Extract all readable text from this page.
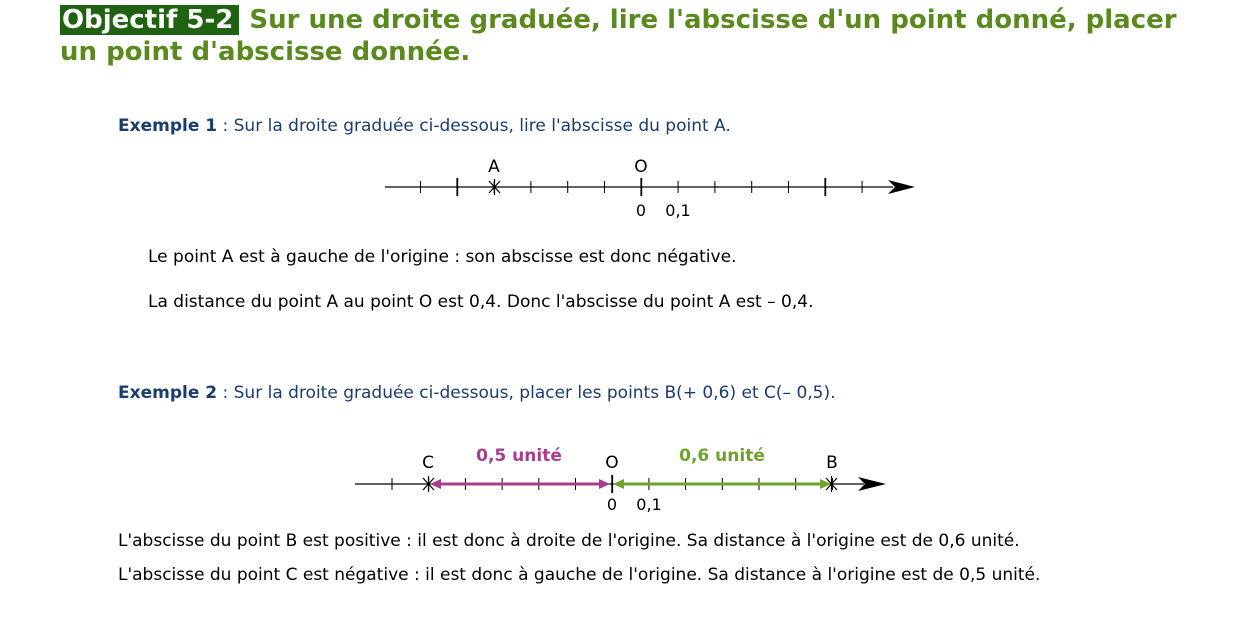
Objectif 5-2 Sur une droite graduée, lire l'abscisse d'un point donné, placer un point d'abscisse donnée.
Exemple 1 : Sur la droite graduée ci-dessous, lire l'abscisse du point A.
A	O
0 0,1
C	O	B
0,5 unité	0,6 unité
0 0,1
Le point A est à gauche de l'origine : son abscisse est donc négative.
La distance du point A au point O est 0,4. Donc l'abscisse du point A est – 0,4.
Exemple 2 : Sur la droite graduée ci-dessous, placer les points B(+ 0,6) et C(– 0,5).
L'abscisse du point B est positive : il est donc à droite de l'origine. Sa distance à l'origine est de 0,6 unité.
L'abscisse du point C est négative : il est donc à gauche de l'origine. Sa distance à l'origine est de 0,5 unité.
